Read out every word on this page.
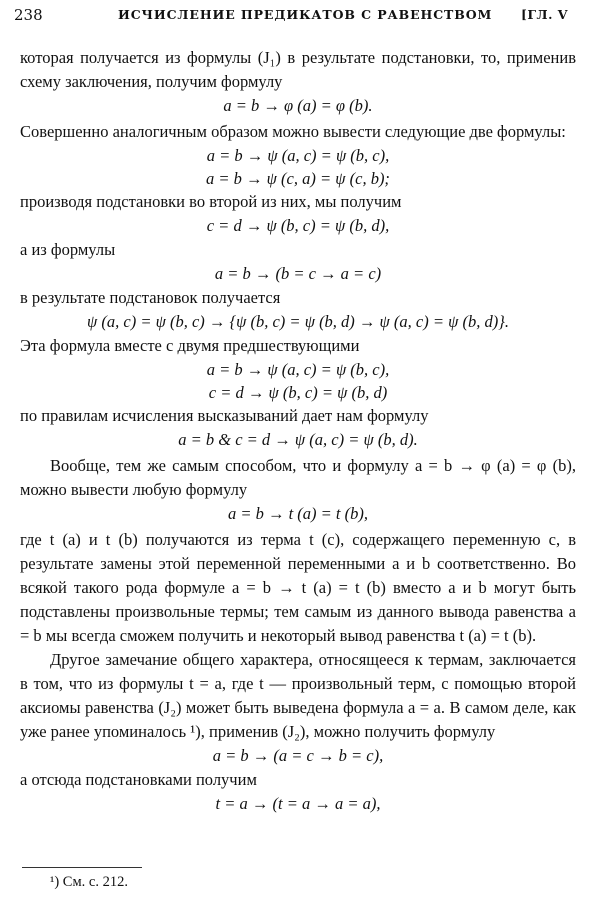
238	ИСЧИСЛЕНИЕ ПРЕДИКАТОВ С РАВЕНСТВОМ [ГЛ. V

которая получается из формулы (J₁) в результате подстановки, то, применив схему заключения, получим формулу

a = b → φ (a) = φ (b).

Совершенно аналогичным образом можно вывести следующие две формулы:

a = b → ψ (a, c) = ψ (b, c),

a = b → ψ (c, a) = ψ (c, b);

производя подстановки во второй из них, мы получим

c = d → ψ (b, c) = ψ (b, d),

а из формулы

a = b → (b = c → a = c)

в результате подстановок получается

ψ (a, c) = ψ (b, c) → {ψ (b, c) = ψ (b, d) → ψ (a, c) = ψ (b, d)}.

Эта формула вместе с двумя предшествующими

a = b → ψ (a, c) = ψ (b, c),

c = d → ψ (b, c) = ψ (b, d)

по правилам исчисления высказываний дает нам формулу

a = b & c = d → ψ (a, c) = ψ (b, d).

Вообще, тем же самым способом, что и формулу a = b → φ (a) = φ (b), можно вывести любую формулу

a = b → t (a) = t (b),

где t (a) и t (b) получаются из терма t (c), содержащего переменную c, в результате замены этой переменной переменными a и b соответственно. Во всякой такого рода формуле a = b → t (a) = t (b) вместо a и b могут быть подставлены произвольные термы; тем самым из данного вывода равенства a = b мы всегда сможем получить и некоторый вывод равенства t (a) = t (b).

Другое замечание общего характера, относящееся к термам, заключается в том, что из формулы t = a, где t — произвольный терм, с помощью второй аксиомы равенства (J₂) может быть выведена формула a = a. В самом деле, как уже ранее упоминалось ¹), применив (J₂), можно получить формулу

a = b → (a = c → b = c),

а отсюда подстановками получим

t = a → (t = a → a = a),

¹) См. с. 212.
